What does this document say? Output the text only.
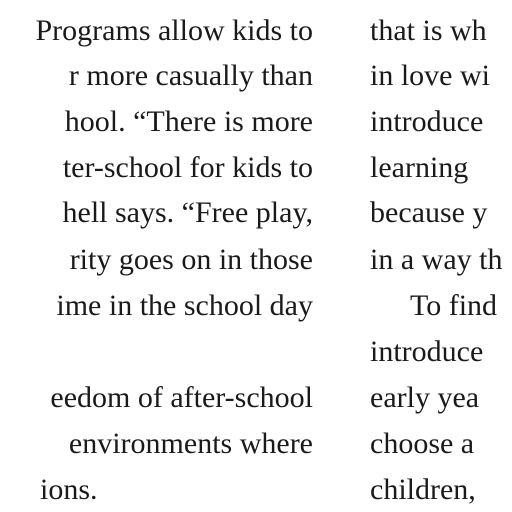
Programs allow kids to
r more casually than
hool. “There is more
ter-school for kids to
hell says. “Free play,
rity goes on in those
ime in the school day
eedom of after-school
environments where
ions.
that is wh
in love wi
introduce
learning
because y
in a way th
To find
introduce
early yea
choose a
children,
